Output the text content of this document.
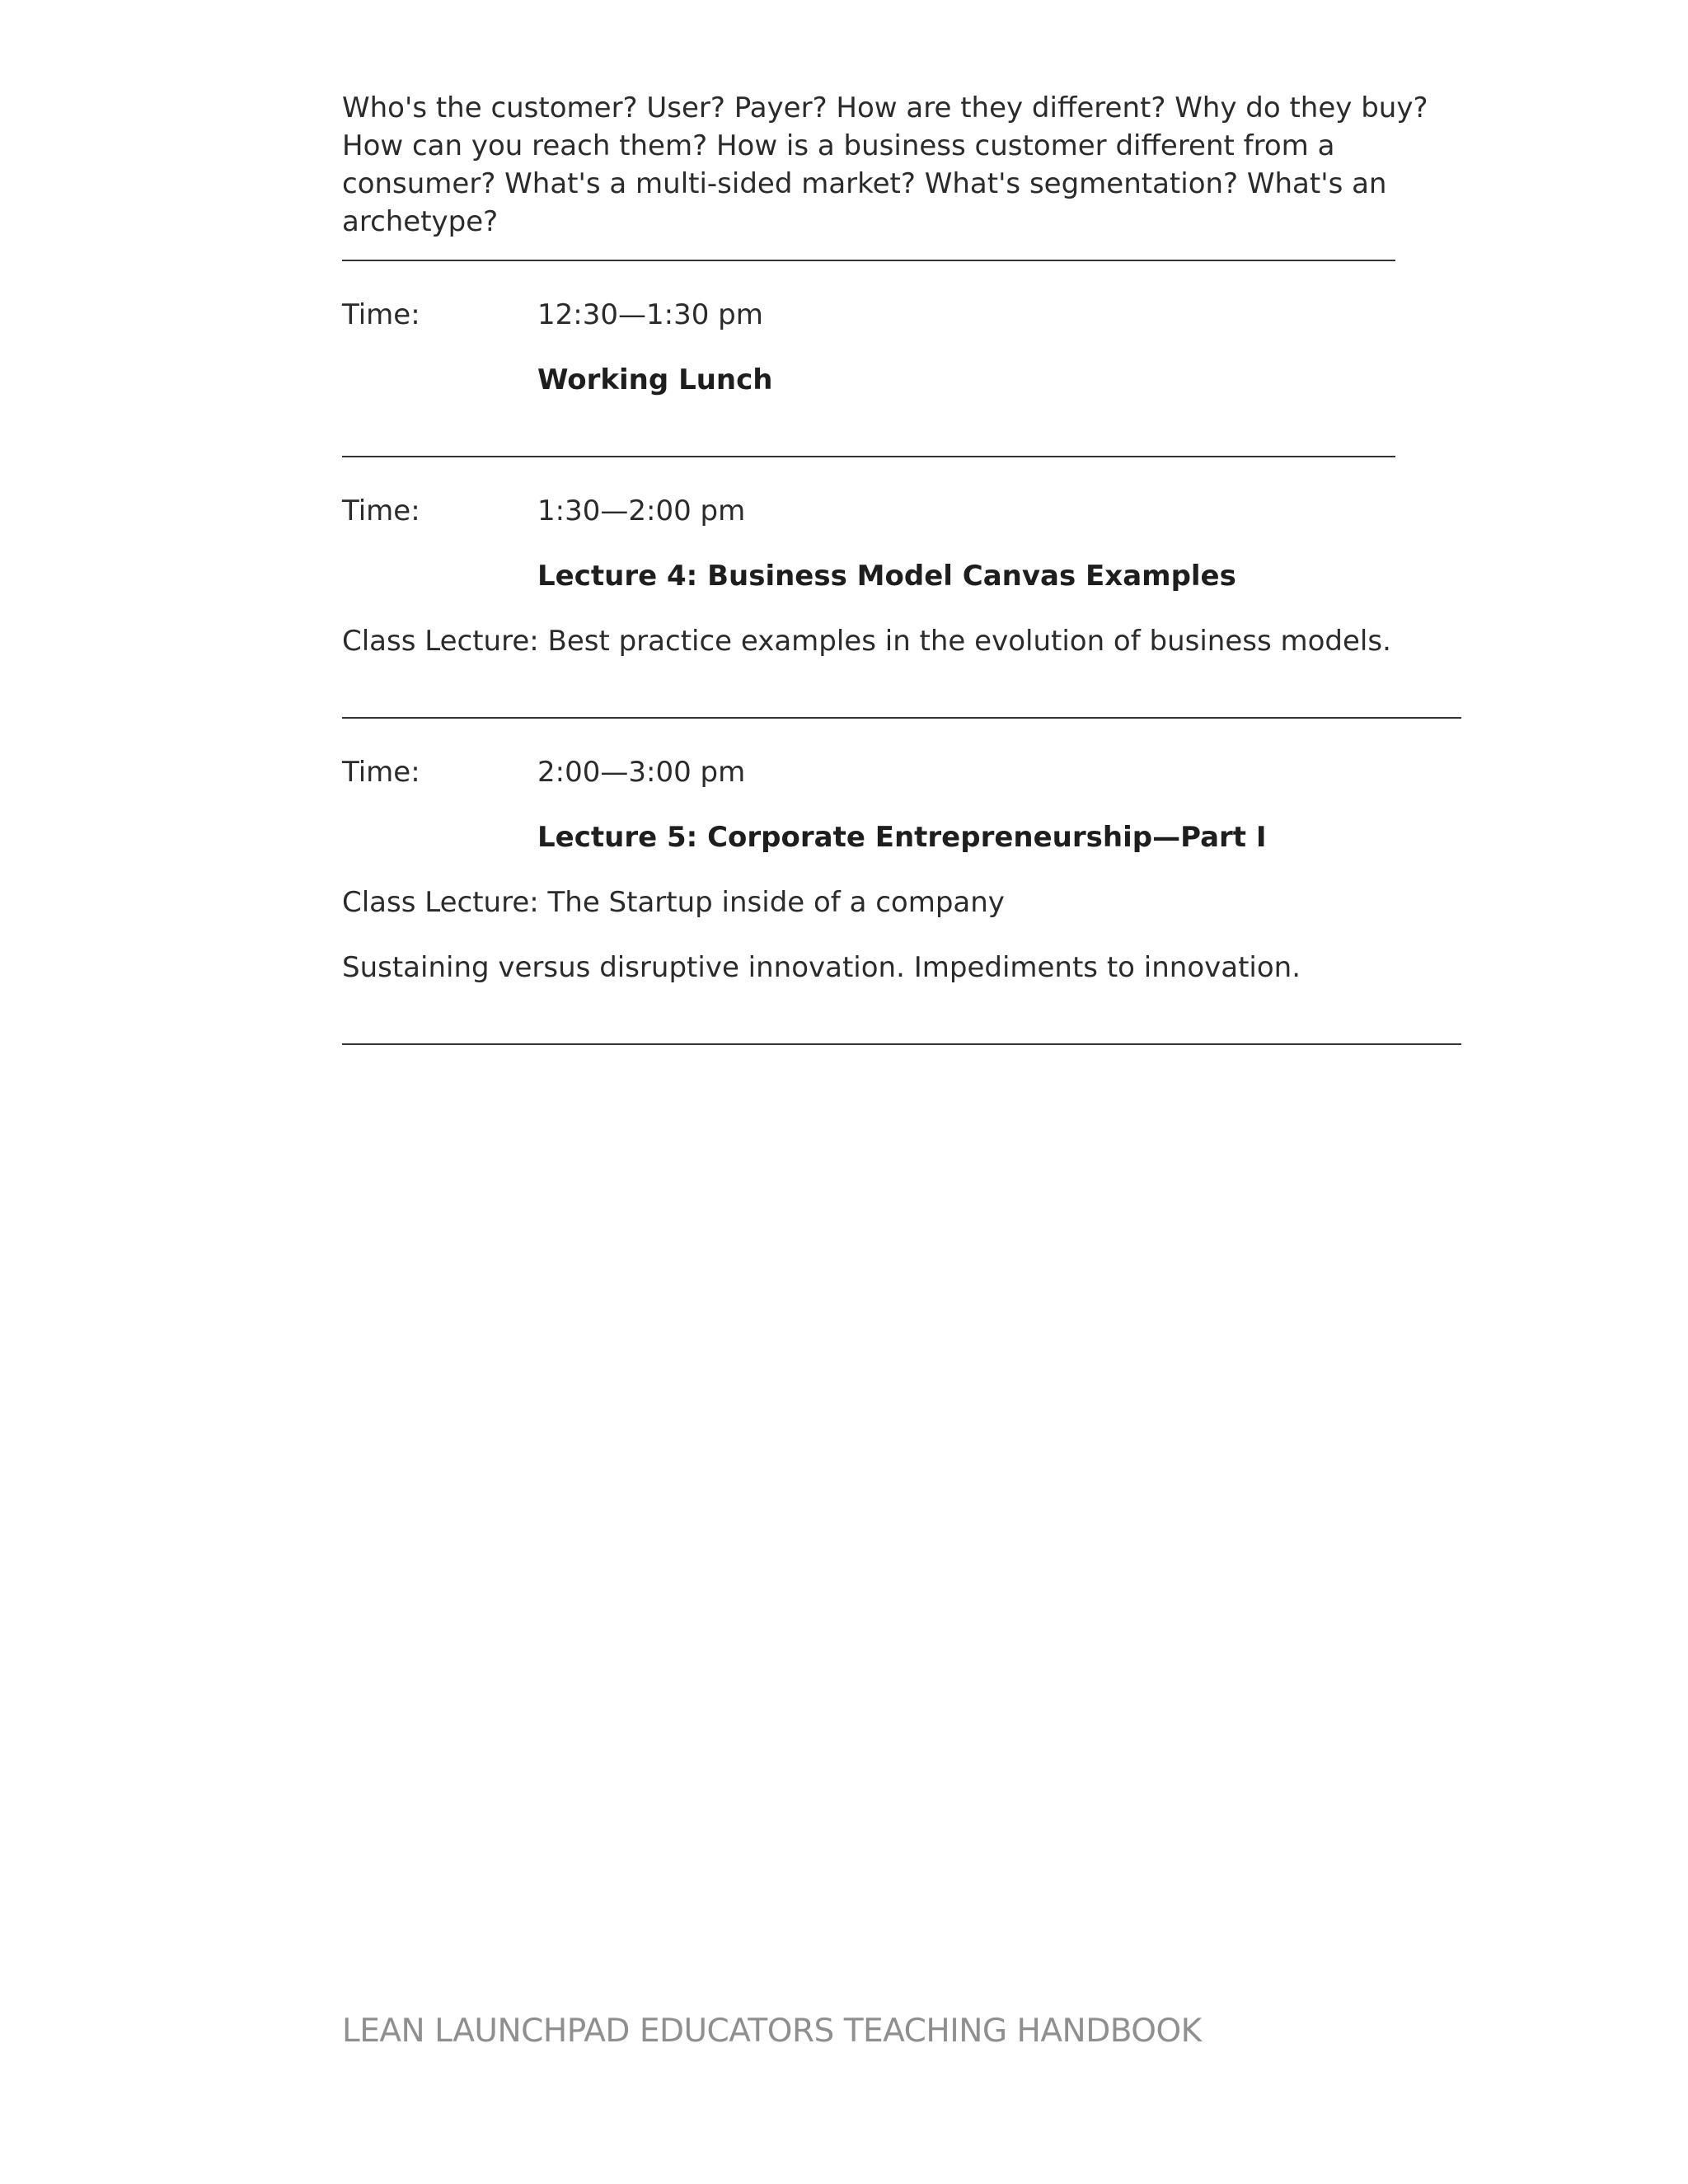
Who's the customer? User? Payer? How are they different? Why do they buy? How can you reach them? How is a business customer different from a consumer? What's a multi-sided market? What's segmentation? What's an archetype?
Time:	12:30—1:30 pm
Working Lunch
Time:	1:30—2:00 pm
Lecture 4: Business Model Canvas Examples
Class Lecture: Best practice examples in the evolution of business models.
Time:	2:00—3:00 pm
Lecture 5: Corporate Entrepreneurship—Part I
Class Lecture: The Startup inside of a company
Sustaining versus disruptive innovation. Impediments to innovation.
LEAN LAUNCHPAD EDUCATORS TEACHING HANDBOOK
